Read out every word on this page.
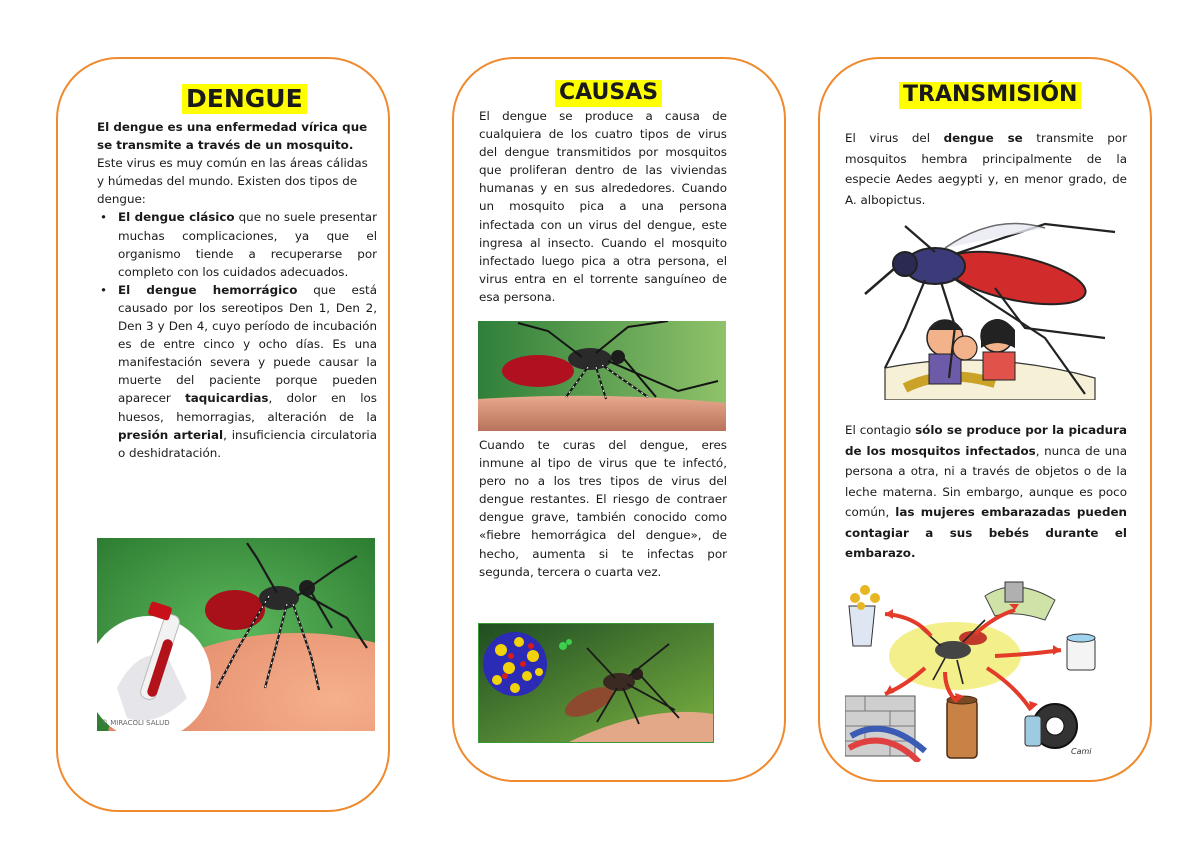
DENGUE	CAUSAS	TRANSMISIÓN

El dengue es una enfermedad vírica que se transmite a través de un mosquito. Este virus es muy común en las áreas cálidas y húmedas del mundo. Existen dos tipos de dengue:

• El dengue clásico que no suele presentar muchas complicaciones, ya que el organismo tiende a recuperarse por completo con los cuidados adecuados.
• El dengue hemorrágico que está causado por los sereotipos Den 1, Den 2, Den 3 y Den 4, cuyo período de incubación es de entre cinco y ocho días. Es una manifestación severa y puede causar la muerte del paciente porque pueden aparecer taquicardias, dolor en los huesos, hemorragias, alteración de la presión arterial, insuficiencia circulatoria o deshidratación.
© MIRACOLI SALUD
El dengue se produce a causa de cualquiera de los cuatro tipos de virus del dengue transmitidos por mosquitos que proliferan dentro de las viviendas humanas y en sus alrededores. Cuando un mosquito pica a una persona infectada con un virus del dengue, este ingresa al insecto. Cuando el mosquito infectado luego pica a otra persona, el virus entra en el torrente sanguíneo de esa persona.
Cuando te curas del dengue, eres inmune al tipo de virus que te infectó, pero no a los tres tipos de virus del dengue restantes. El riesgo de contraer dengue grave, también conocido como «fiebre hemorrágica del dengue», de hecho, aumenta si te infectas por segunda, tercera o cuarta vez.
El virus del dengue se transmite por mosquitos hembra principalmente de la especie Aedes aegypti y, en menor grado, de A. albopictus.
El contagio sólo se produce por la picadura de los mosquitos infectados, nunca de una persona a otra, ni a través de objetos o de la leche materna. Sin embargo, aunque es poco común, las mujeres embarazadas pueden contagiar a sus bebés durante el embarazo.
Cami
